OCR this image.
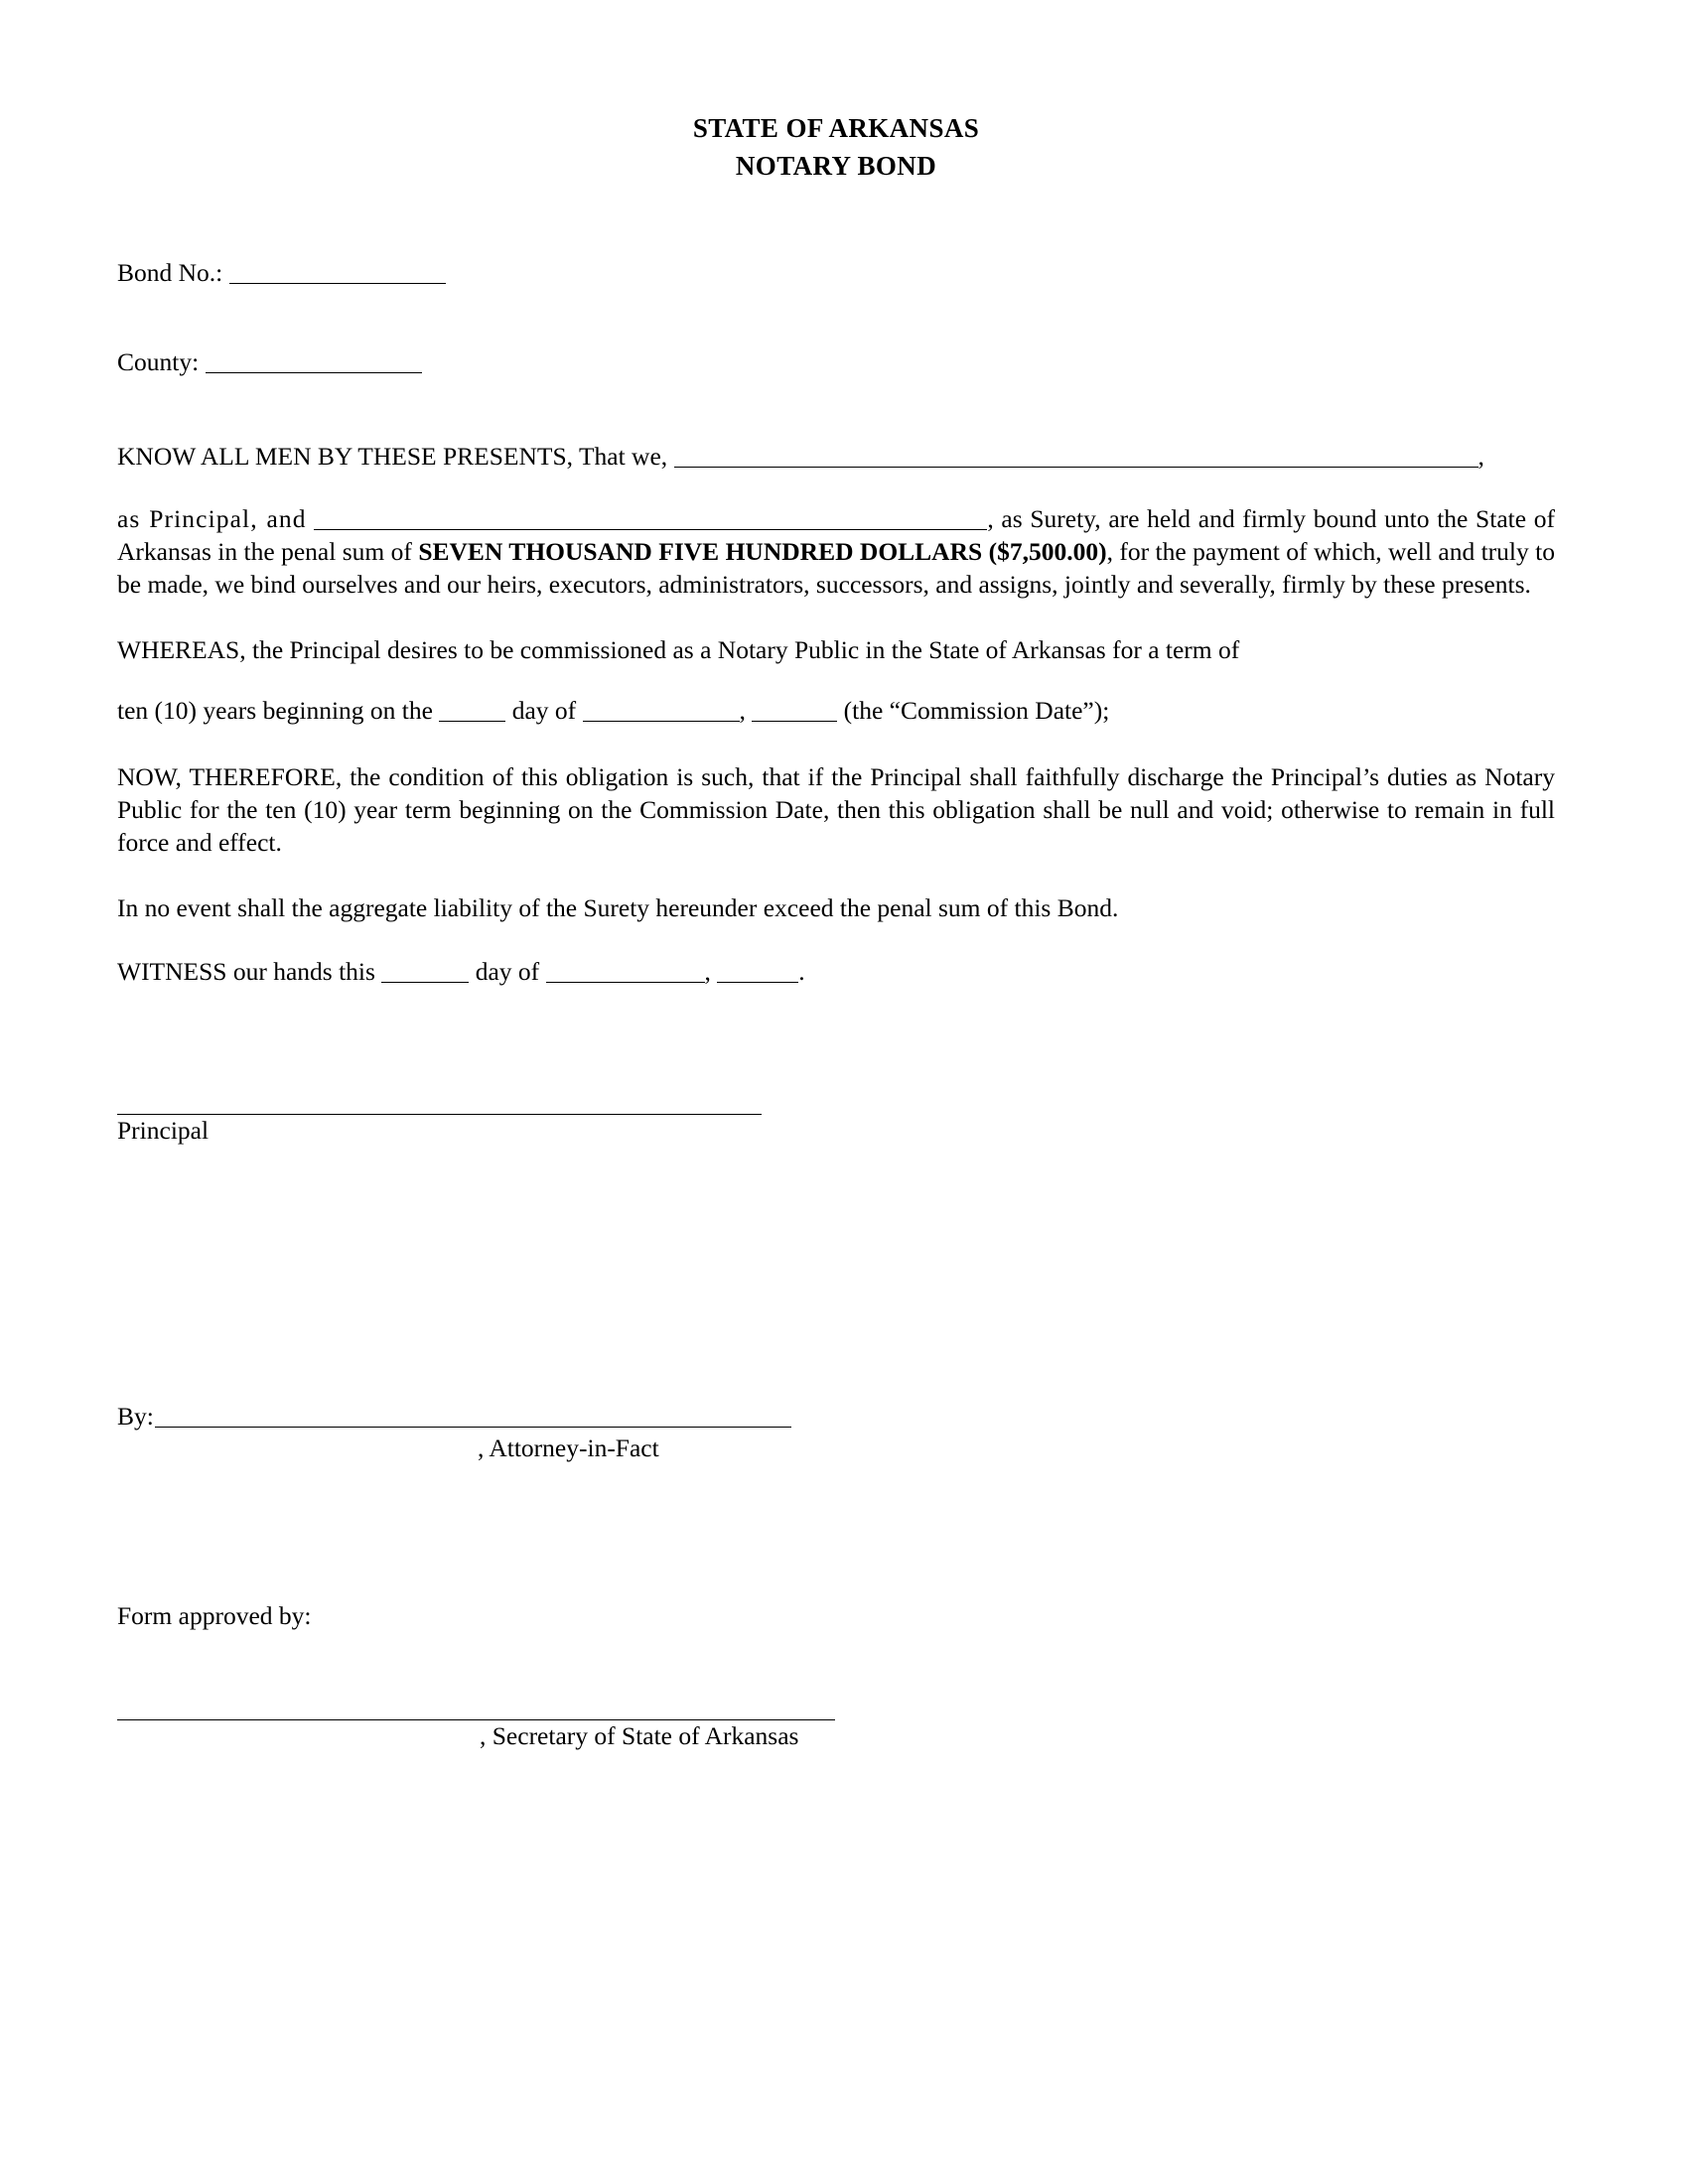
STATE OF ARKANSAS
NOTARY BOND
Bond No.:
County:
KNOW ALL MEN BY THESE PRESENTS, That we,	,
as Principal, and	, as Surety, are held and firmly bound unto the State of Arkansas in the penal sum of SEVEN THOUSAND FIVE HUNDRED DOLLARS ($7,500.00), for the payment of which, well and truly to be made, we bind ourselves and our heirs, executors, administrators, successors, and assigns, jointly and severally, firmly by these presents.
WHEREAS, the Principal desires to be commissioned as a Notary Public in the State of Arkansas for a term of
ten (10) years beginning on the	day of	,	(the “Commission Date”);
NOW, THEREFORE, the condition of this obligation is such, that if the Principal shall faithfully discharge the Principal’s duties as Notary Public for the ten (10) year term beginning on the Commission Date, then this obligation shall be null and void; otherwise to remain in full force and effect.
In no event shall the aggregate liability of the Surety hereunder exceed the penal sum of this Bond.
WITNESS our hands this	day of	,	.
Principal
By:
, Attorney-in-Fact
Form approved by:
, Secretary of State of Arkansas
